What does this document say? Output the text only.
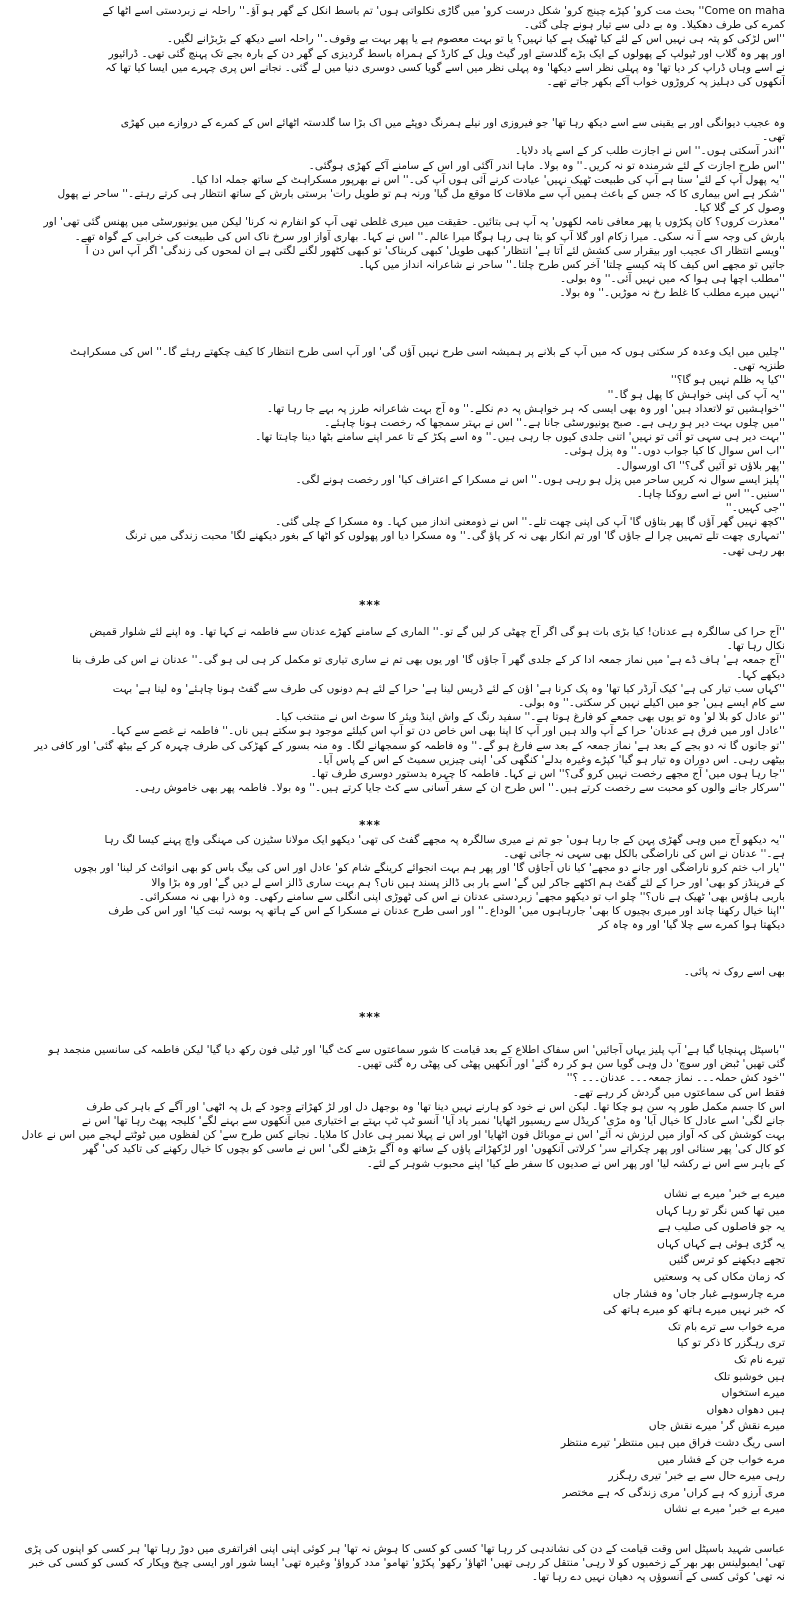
Come on maha'' بحث مت کرو' کپڑے چینج کرو' شکل درست کرو' میں گاڑی نکلواتی ہوں' تم باسط انکل کے گھر ہو آؤ۔'' راحلہ نے زبردستی اسے اٹھا کے
کمرے کی طرف دھکیلا۔ وہ بے دلی سے تیار ہونے چلی گئی۔
''اس لڑکی کو پتہ ہی نہیں اس کے لئے کیا ٹھیک ہے کیا نہیں؟ یا تو بہت معصوم ہے یا پھر بہت بے وقوف۔'' راحلہ اسے دیکھ کے بڑبڑانے لگیں۔
اور پھر وہ گلاب اور ٹیولپ کے پھولوں کے ایک بڑے گلدستے اور گیٹ ویل کے کارڈ کے ہمراہ باسط گردیزی کے گھر دن کے بارہ بجے تک پہنچ گئی تھی۔ ڈرائیور
نے اسے وہاں ڈراپ کر دیا تھا' وہ پہلی نظر اسے دیکھا' وہ پہلی نظر میں اسے گویا کسی دوسری دنیا میں لے گئی۔ نجانے اس پری چہرے میں ایسا کیا تھا کہ
آنکھوں کی دہلیز پہ کروڑوں خواب آکے بکھر جاتے تھے۔
وہ عجیب دیوانگی اور بے یقینی سے اسے دیکھ رہا تھا' جو فیروزی اور نیلے ہمرنگ دوپٹے میں اک بڑا سا گلدستہ اٹھائے اس کے کمرے کے دروازے میں کھڑی
تھی۔
''اندر آسکتی ہوں۔'' اس نے اجازت طلب کر کے اسے یاد دلایا۔
''اس طرح اجازت کے لئے شرمندہ تو نہ کریں۔'' وہ بولا۔ ماہا اندر آگئی اور اس کے سامنے آکے کھڑی ہوگئی۔
''یہ پھول آپ کے لئے' سنا ہے آپ کی طبیعت ٹھیک نہیں' عیادت کرنے آئی ہوں آپ کی۔'' اس نے بھرپور مسکراہٹ کے ساتھ جملہ ادا کیا۔
''شکر ہے اس بیماری کا کہ جس کے باعث ہمیں آپ سے ملاقات کا موقع مل گیا' ورنہ ہم تو طویل رات' برستی بارش کے ساتھ انتظار ہی کرتے رہتے۔'' ساحر نے پھول
وصول کر کے گلا کیا۔
''معذرت کروں؟ کان پکڑوں یا پھر معافی نامہ لکھوں' یہ آپ ہی بتائیں۔ حقیقت میں میری غلطی تھی آپ کو انفارم نہ کرنا' لیکن میں یونیورسٹی میں پھنس گئی تھی' اور
بارش کی وجہ سے آ نہ سکی۔ میرا زکام اور گلا آپ کو بتا ہی رہا ہوگا میرا عالم۔'' اس نے کہا۔ بھاری آواز اور سرخ ناک اس کی طبیعت کی خرابی کے گواہ تھے۔
''ویسے انتظار اک عجیب اور بیقرار سی کشش لئے آتا ہے' انتظار' کبھی طویل' کبھی کربناک' تو کبھی کٹھور لگنے لگتی ہے ان لمحوں کی زندگی' اگر آپ اس دن آ
جاتیں تو مجھے اس کیف کا پتہ کیسے چلتا' آخر کس طرح چلتا۔'' ساحر نے شاعرانہ انداز میں کہا۔
''مطلب اچھا ہی ہوا کہ میں نہیں آئی۔'' وہ بولی۔
''نہیں میرے مطلب کا غلط رخ نہ موڑیں۔'' وہ بولا۔
''چلیں میں ایک وعدہ کر سکتی ہوں کہ میں آپ کے بلانے پر ہمیشہ اسی طرح نہیں آؤں گی' اور آپ اسی طرح انتظار کا کیف چکھتے رہئے گا۔'' اس کی مسکراہٹ
طنزیہ تھی۔
''کیا یہ ظلم نہیں ہو گا؟''
''یہ آپ کی اپنی خواہش کا پھل ہو گا۔''
''خواہشیں تو لاتعداد ہیں' اور وہ بھی ایسی کہ ہر خواہش پہ دم نکلے۔'' وہ آج بہت شاعرانہ طرز پہ بہے جا رہا تھا۔
''میں چلوں بہت دیر ہو رہی ہے۔ صبح یونیورسٹی جانا ہے۔'' اس نے بہتر سمجھا کہ رخصت ہونا چاہئے۔
''بہت دیر ہی سہی تو آئی تو نہیں' اتنی جلدی کیوں جا رہی ہیں۔'' وہ اسے پکڑ کے تا عمر اپنے سامنے بٹھا دینا چاہتا تھا۔
''اب اس سوال کا کیا جواب دوں۔'' وہ پزل ہوئی۔
''پھر بلاؤں تو آئیں گی؟'' اک اورسوال۔
''پلیز ایسے سوال نہ کریں ساحر میں پزل ہو رہی ہوں۔'' اس نے مسکرا کے اعتراف کیا' اور رخصت ہونے لگی۔
''سنیں۔'' اس نے اسے روکنا چاہا۔
''جی کہیں۔''
''کچھ نہیں گھر آؤں گا پھر بتاؤں گا' آپ کی اپنی چھت تلے۔'' اس نے ذومعنی انداز میں کہا۔ وہ مسکرا کے چلی گئی۔
''تمہاری چھت تلے تمہیں چرا لے جاؤں گا' اور تم انکار بھی نہ کر پاؤ گی۔'' وہ مسکرا دیا اور پھولوں کو اٹھا کے بغور دیکھنے لگا' محبت زندگی میں ترنگ
بھر رہی تھی۔
***
''آج حرا کی سالگرہ ہے عدنان! کیا بڑی بات ہو گی اگر آج چھٹی کر لیں گے تو۔'' الماری کے سامنے کھڑے عدنان سے فاطمہ نے کہا تھا۔ وہ اپنے لئے شلوار قمیض
نکال رہا تھا۔
''آج جمعہ ہے' ہاف ڈے ہے' میں نماز جمعہ ادا کر کے جلدی گھر آ جاؤں گا' اور یوں بھی تم نے ساری تیاری تو مکمل کر ہی لی ہو گی۔'' عدنان نے اس کی طرف بنا
دیکھے کہا۔
''کہاں سب تیار کی ہے' کیک آرڈر کیا تھا' وہ پک کرنا ہے' اؤن کے لئے ڈریس لینا ہے' حرا کے لئے ہم دونوں کی طرف سے گفٹ ہونا چاہئے' وہ لینا ہے' بہت
سے کام ایسے ہیں' جو میں اکیلے نہیں کر سکتی۔'' وہ بولی۔
''تو عادل کو بلا لو' وہ تو یوں بھی جمعے کو فارغ ہوتا ہے۔'' سفید رنگ کے واش اینڈ ویئر کا سوٹ اس نے منتخب کیا۔
''عادل اور میں فرق ہے عدنان' حرا کے آپ والد ہیں اور آپ کا اپنا بھی اس خاص دن تو آپ اس کیلئے موجود ہو سکتے ہیں ناں۔'' فاطمہ نے غصے سے کہا۔
''تو جانوں گا نہ دو بجے کے بعد ہے' نماز جمعہ کے بعد سے فارغ ہو گے۔'' وہ فاطمہ کو سمجھانے لگا۔ وہ منہ بسور کے کھڑکی کی طرف چہرہ کر کے بیٹھ گئی' اور کافی دیر
بیٹھی رہی۔ اس دوران وہ تیار ہو گیا' کپڑے وغیرہ بدلے' کنگھی کی' اپنی چیزیں سمیٹ کے اس کے پاس آیا۔
''جا رہا ہوں میں' آج مجھے رخصت نہیں کرو گی؟'' اس نے کہا۔ فاطمہ کا چہرہ بدستور دوسری طرف تھا۔
''سرکار جانے والوں کو محبت سے رخصت کرتے ہیں۔'' اس طرح ان کے سفر آسانی سے کٹ جایا کرتے ہیں۔'' وہ بولا۔ فاطمہ پھر بھی خاموش رہی۔
***
''یہ دیکھو آج میں وہی گھڑی پہن کے جا رہا ہوں' جو تم نے میری سالگرہ پہ مجھے گفٹ کی تھی' دیکھو ایک مولانا سٹیزن کی مہنگی واچ پہنے کیسا لگ رہا
ہے۔'' عدنان نے اس کی ناراضگی بالکل بھی سہی نہ جاتی تھی۔
''یار اب ختم کرو ناراضگی اور جانے دو مجھے' کیا ناں آجاؤں گا' اور پھر ہم بہت انجوائے کرینگے شام کو' عادل اور اس کی بیگ باس کو بھی انوائٹ کر لینا' اور بچوں
کے فرینڈز کو بھی' اور حرا کے لئے گفٹ ہم اکٹھے جاکر لیں گے' اسے بار بی ڈالز پسند ہیں ناں؟ ہم بہت ساری ڈالز اسے لے دیں گے' اور وہ بڑا والا
باربی ہاؤس بھی' ٹھیک ہے ناں؟'' چلو اب تو دیکھو مجھے' زبردستی عدنان نے اس کی ٹھوڑی اپنی انگلی سے سامنے رکھی۔ وہ ذرا بھی نہ مسکرائی۔
''اپنا خیال رکھنا چاند اور میری بچیوں کا بھی' جارہاہوں میں' الوداع۔'' اور اسی طرح عدنان نے مسکرا کے اس کے ہاتھ پہ بوسہ ثبت کیا' اور اس کی طرف
دیکھتا ہوا کمرے سے چلا گیا' اور وہ چاہ کر
بھی اسے روک نہ پائی۔
***
''باسپٹل پہنچایا گیا ہے' آپ پلیز یہاں آجائیں' اس سفاک اطلاع کے بعد قیامت کا شور سماعتوں سے کٹ گیا' اور ٹیلی فون رکھ دیا گیا' لیکن فاطمہ کی سانسیں منجمد ہو
گئی تھیں' ٹبض اور سوچ' دل وہی گویا سن ہو کر رہ گئے' اور آنکھیں پھٹی کی پھٹی رہ گئی تھیں۔
''خود کش حملہ۔۔۔ نماز جمعہ۔۔۔ عدنان۔۔۔ ؟''
فقط اس کی سماعتوں میں گردش کر رہے تھے۔
اس کا جسم مکمل طور پہ سن ہو چکا تھا۔ لیکن اس نے خود کو ہارنے نہیں دینا تھا' وہ بوجھل دل اور لڑ کھڑاتے وجود کے بل پہ اٹھی' اور آگے کے باہر کی طرف
جانے لگی' اسے عادل کا خیال آیا' وہ مڑی' کریڈل سے ریسیور اٹھایا' نمبر یاد آیا' آنسو ٹپ ٹپ بہتے بے اختیاری میں آنکھوں سے بہنے لگے' کلیجہ پھٹ رہا تھا' اس نے
بہت کوشش کی کہ آواز میں لرزش نہ آئے' اس نے موبائل فون اٹھایا' اور اس نے پہلا نمبر ہی عادل کا ملایا۔ نجانے کس طرح سے' کن لفظوں میں ٹوٹتے لہجے میں اس نے عادل
کو کال کی' پھر سنائی اور پھر چکراتے سر' کرلاتی آنکھوں' اور لڑکھڑاتے پاؤں کے ساتھ وہ آگے بڑھنے لگی' اس نے ماسی کو بچوں کا خیال رکھنے کی تاکید کی' گھر
کے باہر سے اس نے رکشہ لیا' اور پھر اس نے صدیوں کا سفر طے کیا' اپنے محبوب شوہر کے لئے۔
میرے بے خبر' میرے بے نشاں
میں تھا کس نگر تو رہا کہاں
یہ جو فاصلوں کی صلیب ہے
یہ گڑی ہوئی ہے کہاں کہاں
تجھے دیکھنے کو ترس گئیں
کہ زمان مکاں کی یہ وسعتیں
مرے چارسوہے غبار جاں' وہ فشار جاں
کہ خبر نہیں میرے ہاتھ کو میرے ہاتھ کی
مرے خواب سے ترے بام تک
تری رہگزر کا ذکر تو کیا
تیرے نام تک
ہیں خوشبو تلک
میرے استخواں
ہیں دھواں دھواں
میرے نقش گر' میرے نقش جاں
اسی ریگ دشت فراق میں ہیں منتظر' تیرے منتظر
مرے خواب جن کے فشار میں
رہی میرے حال سے بے خبر' تیری رہگزر
مری آرزو کہ ہے کراں' مری زندگی کہ ہے مختصر
میرے بے خبر' میرے بے نشاں
عباسی شہید باسپٹل اس وقت قیامت کے دن کی نشاندہی کر رہا تھا' کسی کو کسی کا ہوش نہ تھا' ہر کوئی اپنی اپنی افراتفری میں دوڑ رہا تھا' ہر کسی کو اپنوں کی پڑی
تھی' ایمبولینس بھر بھر کے زخمیوں کو لا رہی' منتقل کر رہی تھیں' اٹھاؤ' رکھو' پکڑو' تھامو' مدد کرواؤ' وغیرہ تھی' ایسا شور اور ایسی چیخ وپکار کہ کسی کو کسی کی خبر
نہ تھی' کوئی کسی کے آنسوؤں پہ دھیان نہیں دے رہا تھا۔
